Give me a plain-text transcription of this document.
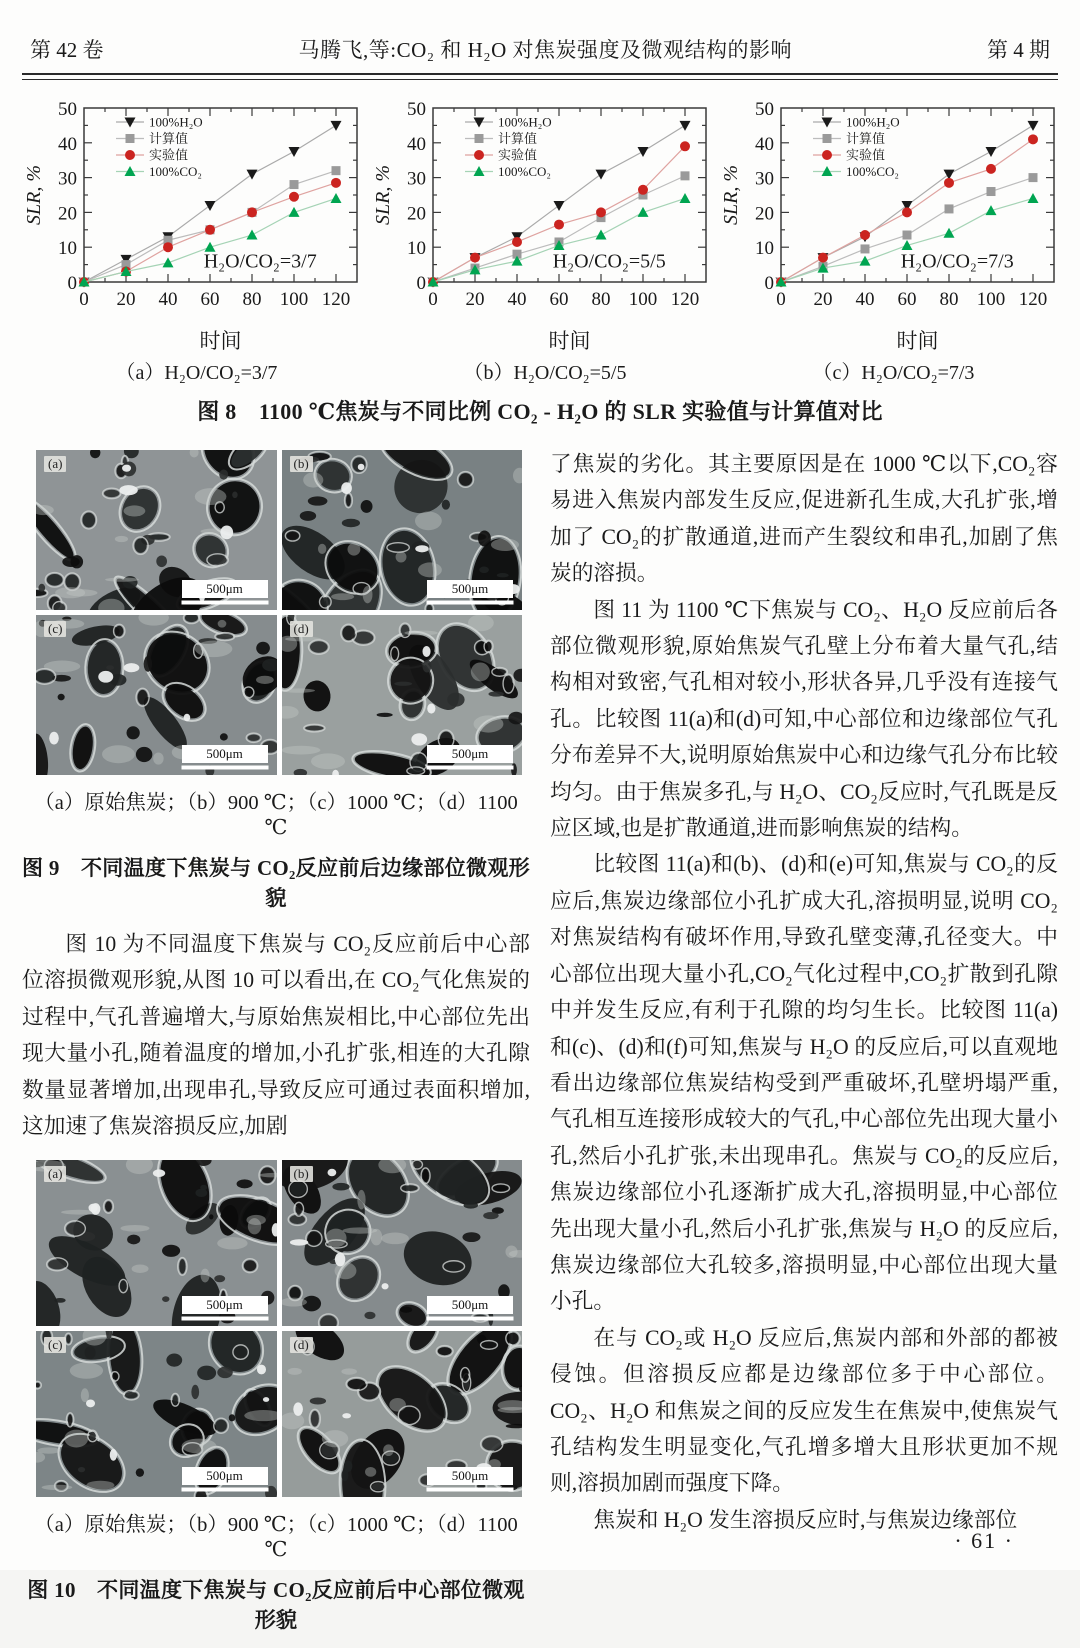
第 42 卷	马腾飞,等:CO₂ 和 H₂O 对焦炭强度及微观结构的影响	第 4 期
0 20 40 60 80 100 120
0
10
20
30
40
50
时间
SLR, %
100%H₂O
计算值
实验值
100%CO₂
H₂O/CO₂=3/7
（a）H₂O/CO₂=3/7
0 20 40 60 80 100 120
0
10
20
30
40
50
时间
SLR, %
100%H₂O
计算值
实验值
100%CO₂
H₂O/CO₂=5/5
（b）H₂O/CO₂=5/5
0 20 40 60 80 100 120
0
10
20
30
40
50
时间
SLR, %
100%H₂O
计算值
实验值
100%CO₂
H₂O/CO₂=7/3
（c）H₂O/CO₂=7/3
图 8　1100 ℃焦炭与不同比例 CO₂ - H₂O 的 SLR 实验值与计算值对比
(a)
500μm
(b)
500μm
(c)
500μm
(d)
500μm
（a）原始焦炭；（b）900 ℃；（c）1000 ℃；（d）1100 ℃
图 9　不同温度下焦炭与 CO₂反应前后边缘部位微观形貌

图 10 为不同温度下焦炭与 CO₂反应前后中心部位溶损微观形貌,从图 10 可以看出,在 CO₂气化焦炭的过程中,气孔普遍增大,与原始焦炭相比,中心部位先出现大量小孔,随着温度的增加,小孔扩张,相连的大孔隙数量显著增加,出现串孔,导致反应可通过表面积增加,这加速了焦炭溶损反应,加剧

(a)
500μm
(b)
500μm
(c)
500μm
(d)
500μm
（a）原始焦炭；（b）900 ℃；（c）1000 ℃；（d）1100 ℃
图 10　不同温度下焦炭与 CO₂反应前后中心部位微观形貌

了焦炭的劣化。其主要原因是在 1000 ℃以下,CO₂容易进入焦炭内部发生反应,促进新孔生成,大孔扩张,增加了 CO₂的扩散通道,进而产生裂纹和串孔,加剧了焦炭的溶损。

图 11 为 1100 ℃下焦炭与 CO₂、H₂O 反应前后各部位微观形貌,原始焦炭气孔壁上分布着大量气孔,结构相对致密,气孔相对较小,形状各异,几乎没有连接气孔。比较图 11(a)和(d)可知,中心部位和边缘部位气孔分布差异不大,说明原始焦炭中心和边缘气孔分布比较均匀。由于焦炭多孔,与 H₂O、CO₂反应时,气孔既是反应区域,也是扩散通道,进而影响焦炭的结构。

比较图 11(a)和(b)、(d)和(e)可知,焦炭与 CO₂的反应后,焦炭边缘部位小孔扩成大孔,溶损明显,说明 CO₂对焦炭结构有破坏作用,导致孔壁变薄,孔径变大。中心部位出现大量小孔,CO₂气化过程中,CO₂扩散到孔隙中并发生反应,有利于孔隙的均匀生长。比较图 11(a)和(c)、(d)和(f)可知,焦炭与 H₂O 的反应后,可以直观地看出边缘部位焦炭结构受到严重破坏,孔壁坍塌严重,气孔相互连接形成较大的气孔,中心部位先出现大量小孔,然后小孔扩张,未出现串孔。焦炭与 CO₂的反应后,焦炭边缘部位小孔逐渐扩成大孔,溶损明显,中心部位先出现大量小孔,然后小孔扩张,焦炭与 H₂O 的反应后,焦炭边缘部位大孔较多,溶损明显,中心部位出现大量小孔。

在与 CO₂或 H₂O 反应后,焦炭内部和外部的都被侵蚀。但溶损反应都是边缘部位多于中心部位。CO₂、H₂O 和焦炭之间的反应发生在焦炭中,使焦炭气孔结构发生明显变化,气孔增多增大且形状更加不规则,溶损加剧而强度下降。

焦炭和 H₂O 发生溶损反应时,与焦炭边缘部位

· 61 ·
